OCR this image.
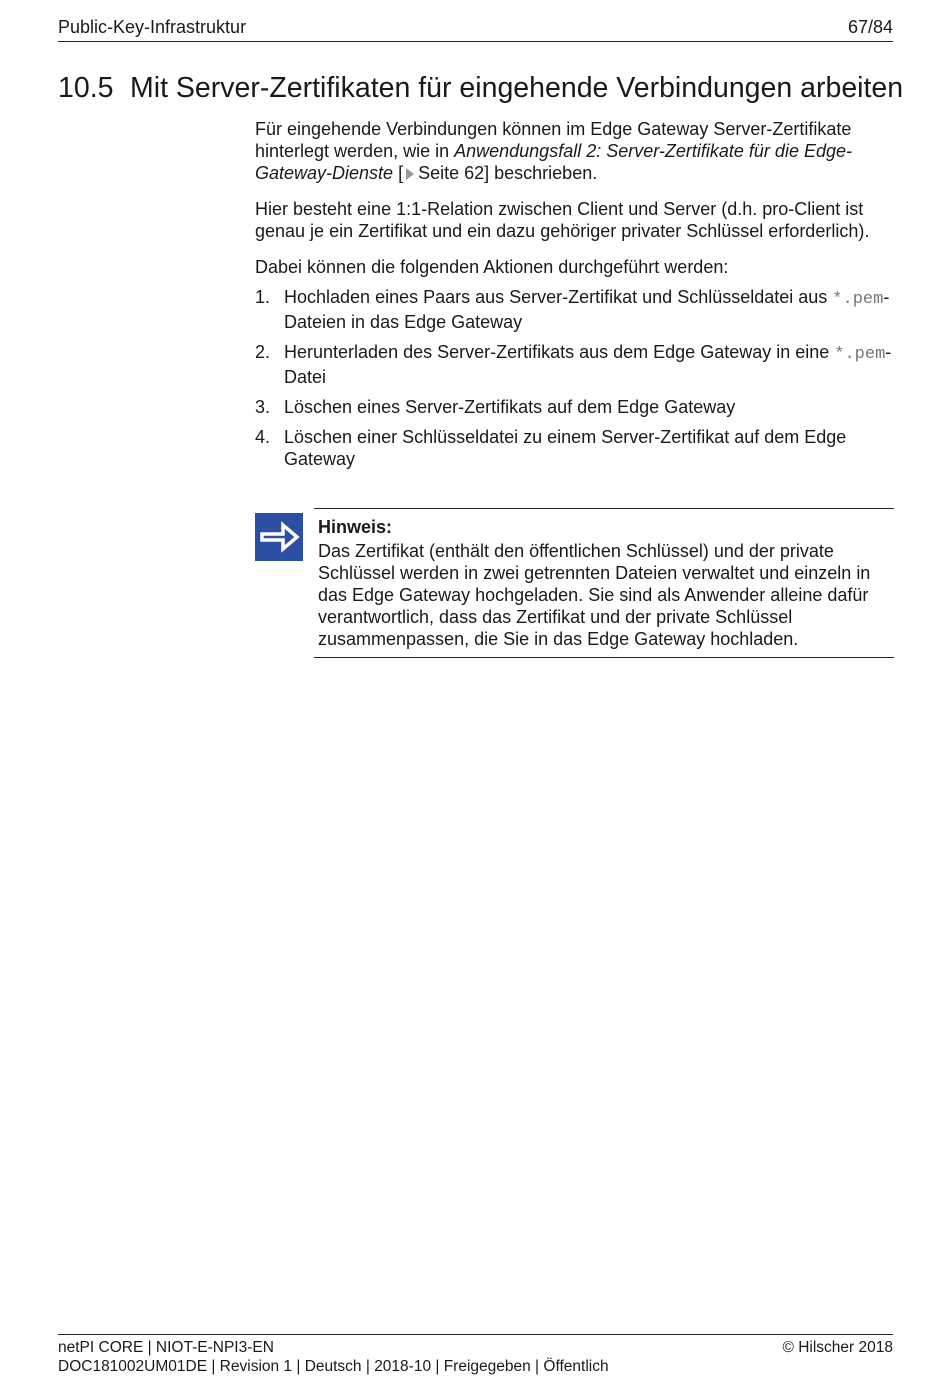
Public-Key-Infrastruktur	67/84
10.5 Mit Server-Zertifikaten für eingehende Verbindungen arbeiten

Für eingehende Verbindungen können im Edge Gateway Server-Zertifikate hinterlegt werden, wie in Anwendungsfall 2: Server-Zertifikate für die Edge-Gateway-Dienste [ Seite 62] beschrieben.

Hier besteht eine 1:1-Relation zwischen Client und Server (d.h. pro-Client ist genau je ein Zertifikat und ein dazu gehöriger privater Schlüssel erforderlich).

Dabei können die folgenden Aktionen durchgeführt werden:

1. Hochladen eines Paars aus Server-Zertifikat und Schlüsseldatei aus *.pem-Dateien in das Edge Gateway
2. Herunterladen des Server-Zertifikats aus dem Edge Gateway in eine *.pem-Datei
3. Löschen eines Server-Zertifikats auf dem Edge Gateway
4. Löschen einer Schlüsseldatei zu einem Server-Zertifikat auf dem Edge Gateway
Hinweis:
Das Zertifikat (enthält den öffentlichen Schlüssel) und der private Schlüssel werden in zwei getrennten Dateien verwaltet und einzeln in das Edge Gateway hochgeladen. Sie sind als Anwender alleine dafür verantwortlich, dass das Zertifikat und der private Schlüssel zusammenpassen, die Sie in das Edge Gateway hochladen.
netPI CORE | NIOT-E-NPI3-EN
DOC181002UM01DE | Revision 1 | Deutsch | 2018-10 | Freigegeben | Öffentlich
© Hilscher 2018
